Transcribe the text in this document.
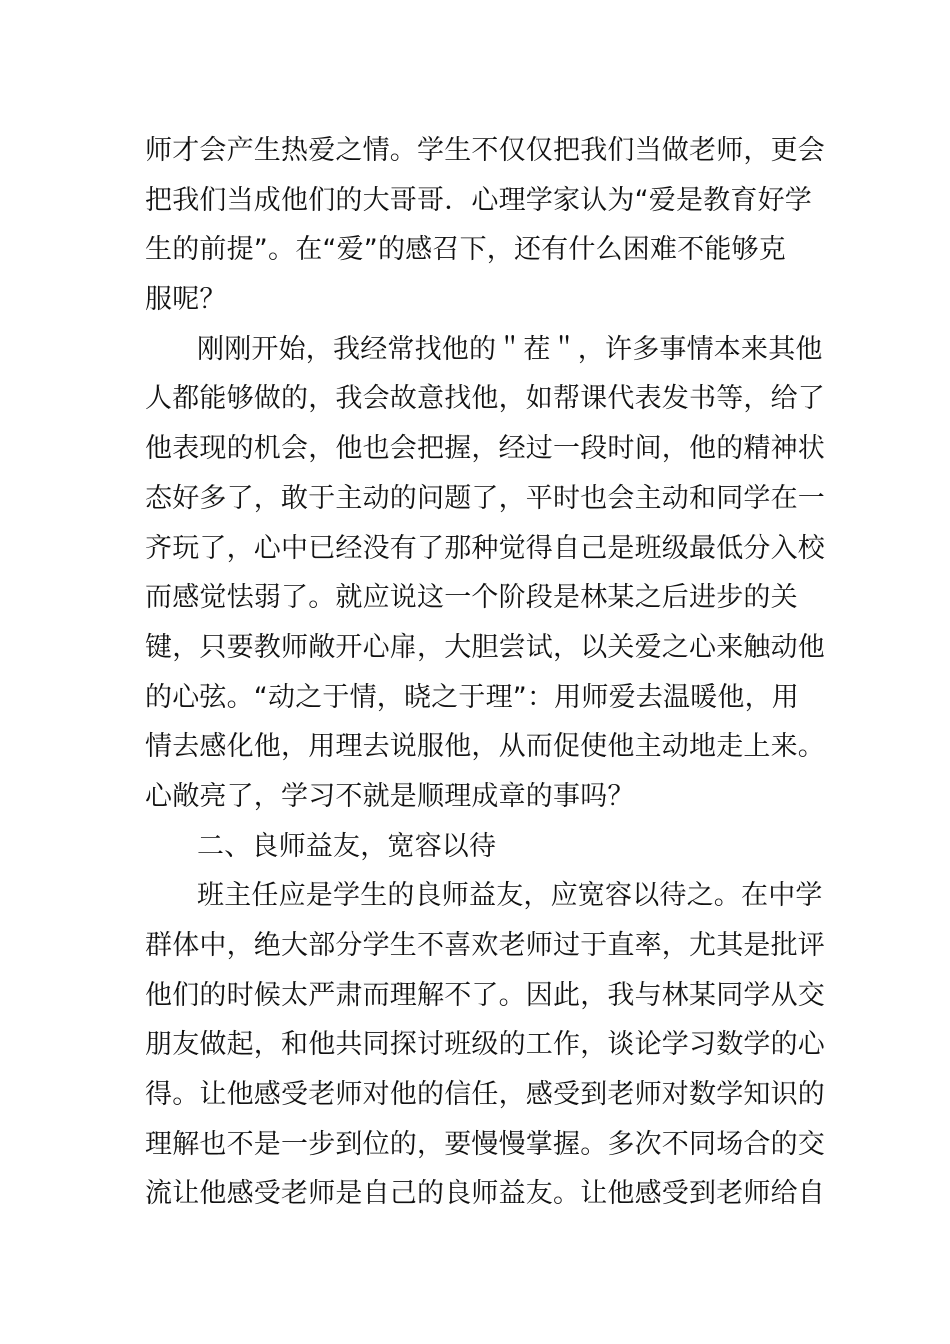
师才会产生热爱之情。学生不仅仅把我们当做老师，更会
把我们当成他们的大哥哥．心理学家认为“爱是教育好学
生的前提”。在“爱”的感召下，还有什么困难不能够克
服呢？
刚刚开始，我经常找他的＂茬＂，许多事情本来其他
人都能够做的，我会故意找他，如帮课代表发书等，给了
他表现的机会，他也会把握，经过一段时间，他的精神状
态好多了，敢于主动的问题了，平时也会主动和同学在一
齐玩了，心中已经没有了那种觉得自己是班级最低分入校
而感觉怯弱了。就应说这一个阶段是林某之后进步的关
键，只要教师敞开心扉，大胆尝试，以关爱之心来触动他
的心弦。“动之于情，晓之于理”：用师爱去温暖他，用
情去感化他，用理去说服他，从而促使他主动地走上来。
心敞亮了，学习不就是顺理成章的事吗？
二、良师益友，宽容以待
班主任应是学生的良师益友，应宽容以待之。在中学
群体中，绝大部分学生不喜欢老师过于直率，尤其是批评
他们的时候太严肃而理解不了。因此，我与林某同学从交
朋友做起，和他共同探讨班级的工作，谈论学习数学的心
得。让他感受老师对他的信任，感受到老师对数学知识的
理解也不是一步到位的，要慢慢掌握。多次不同场合的交
流让他感受老师是自己的良师益友。让他感受到老师给自
